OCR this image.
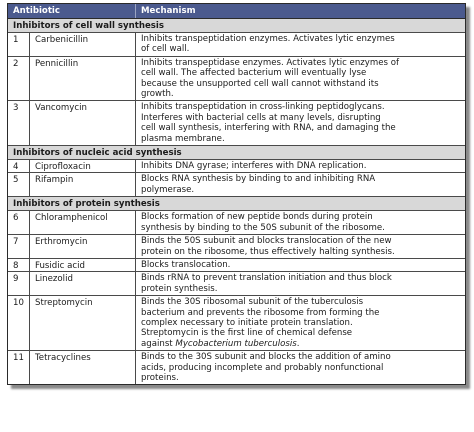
Antibiotic	Mechanism
Inhibitors of cell wall synthesis
1	Carbenicillin	Inhibits transpeptidation enzymes. Activates lytic enzymes
of cell wall.
2	Pennicillin	Inhibits transpeptidase enzymes. Activates lytic enzymes of
cell wall. The affected bacterium will eventually lyse
because the unsupported cell wall cannot withstand its
growth.
3	Vancomycin	Inhibits transpeptidation in cross-linking peptidoglycans.
Interferes with bacterial cells at many levels, disrupting
cell wall synthesis, interfering with RNA, and damaging the
plasma membrane.
Inhibitors of nucleic acid synthesis
4	Ciprofloxacin	Inhibits DNA gyrase; interferes with DNA replication.
5	Rifampin	Blocks RNA synthesis by binding to and inhibiting RNA
polymerase.
Inhibitors of protein synthesis
6	Chloramphenicol	Blocks formation of new peptide bonds during protein
synthesis by binding to the 50S subunit of the ribosome.
7	Erthromycin	Binds the 50S subunit and blocks translocation of the new
protein on the ribosome, thus effectively halting synthesis.
8	Fusidic acid	Blocks translocation.
9	Linezolid	Binds rRNA to prevent translation initiation and thus block
protein synthesis.
10	Streptomycin	Binds the 30S ribosomal subunit of the tuberculosis
bacterium and prevents the ribosome from forming the
complex necessary to initiate protein translation.
Streptomycin is the first line of chemical defense
against Mycobacterium tuberculosis.
11	Tetracyclines	Binds to the 30S subunit and blocks the addition of amino
acids, producing incomplete and probably nonfunctional
proteins.
